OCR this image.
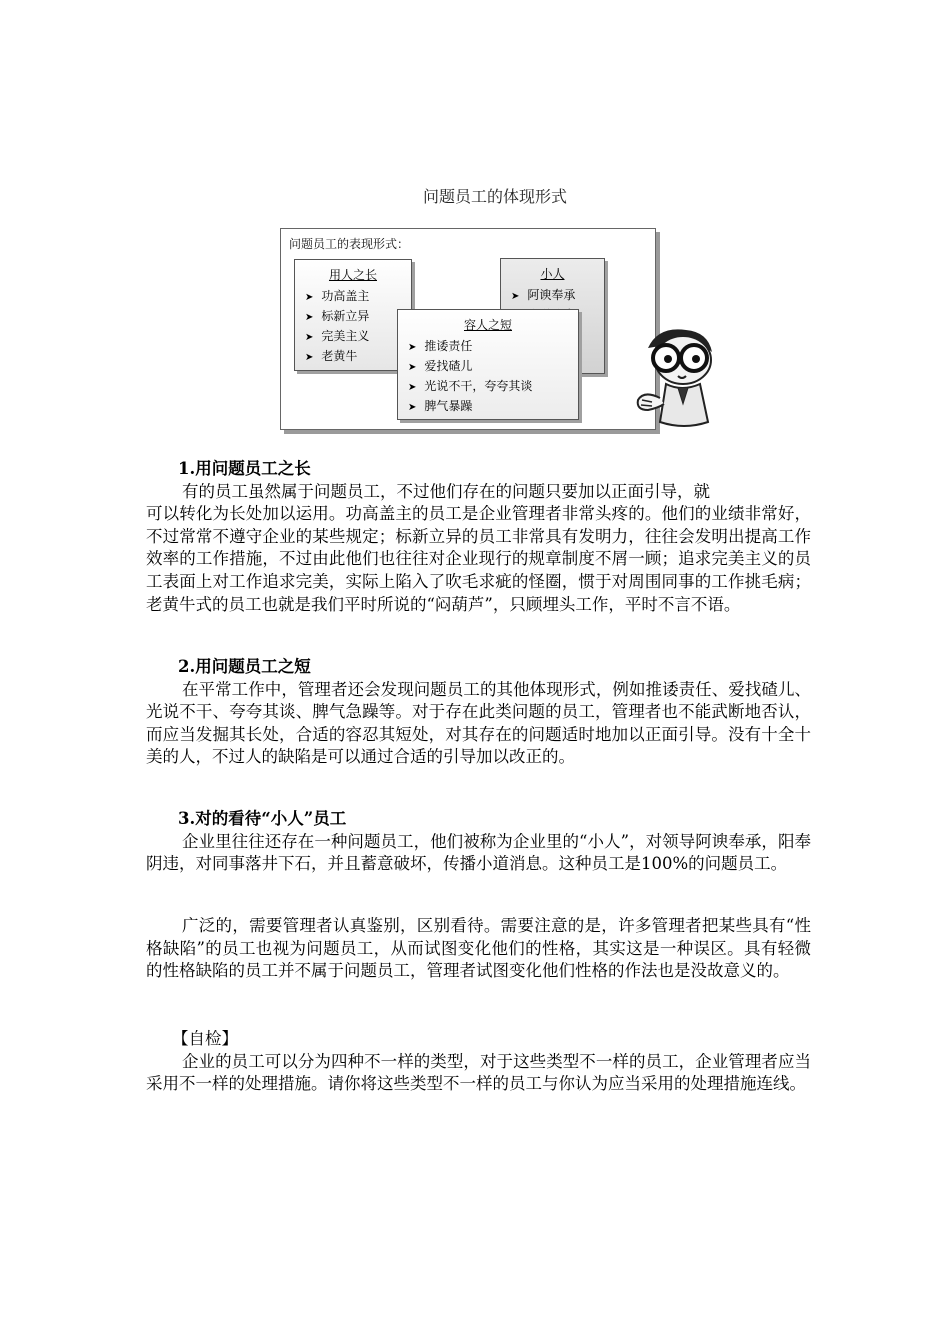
问题员工的体现形式
问题员工的表现形式：
用人之长
➤ 功高盖主
➤ 标新立异
➤ 完美主义
➤ 老黄牛
容人之短
➤ 推诿责任
➤ 爱找碴儿
➤ 光说不干，夸夸其谈
➤ 脾气暴躁
小人
➤ 阿谀奉承

1.用问题员工之长

有的员工虽然属于问题员工，不过他们存在的问题只要加以正面引导，就

可以转化为长处加以运用。功高盖主的员工是企业管理者非常头疼的。他们的业绩非常好，不过常常不遵守企业的某些规定；标新立异的员工非常具有发明力，往往会发明出提高工作效率的工作措施，不过由此他们也往往对企业现行的规章制度不屑一顾；追求完美主义的员工表面上对工作追求完美，实际上陷入了吹毛求疵的怪圈，惯于对周围同事的工作挑毛病；老黄牛式的员工也就是我们平时所说的“闷葫芦”，只顾埋头工作，平时不言不语。

2.用问题员工之短

在平常工作中，管理者还会发现问题员工的其他体现形式，例如推诿责任、爱找碴儿、光说不干、夸夸其谈、脾气急躁等。对于存在此类问题的员工，管理者也不能武断地否认，而应当发掘其长处，合适的容忍其短处，对其存在的问题适时地加以正面引导。没有十全十美的人，不过人的缺陷是可以通过合适的引导加以改正的。

3.对的看待“小人”员工

企业里往往还存在一种问题员工，他们被称为企业里的“小人”，对领导阿谀奉承，阳奉阴违，对同事落井下石，并且蓄意破坏，传播小道消息。这种员工是100%的问题员工。

广泛的，需要管理者认真鉴别，区别看待。需要注意的是，许多管理者把某些具有“性格缺陷”的员工也视为问题员工，从而试图变化他们的性格，其实这是一种误区。具有轻微的性格缺陷的员工并不属于问题员工，管理者试图变化他们性格的作法也是没故意义的。

【自检】

企业的员工可以分为四种不一样的类型，对于这些类型不一样的员工，企业管理者应当采用不一样的处理措施。请你将这些类型不一样的员工与你认为应当采用的处理措施连线。
